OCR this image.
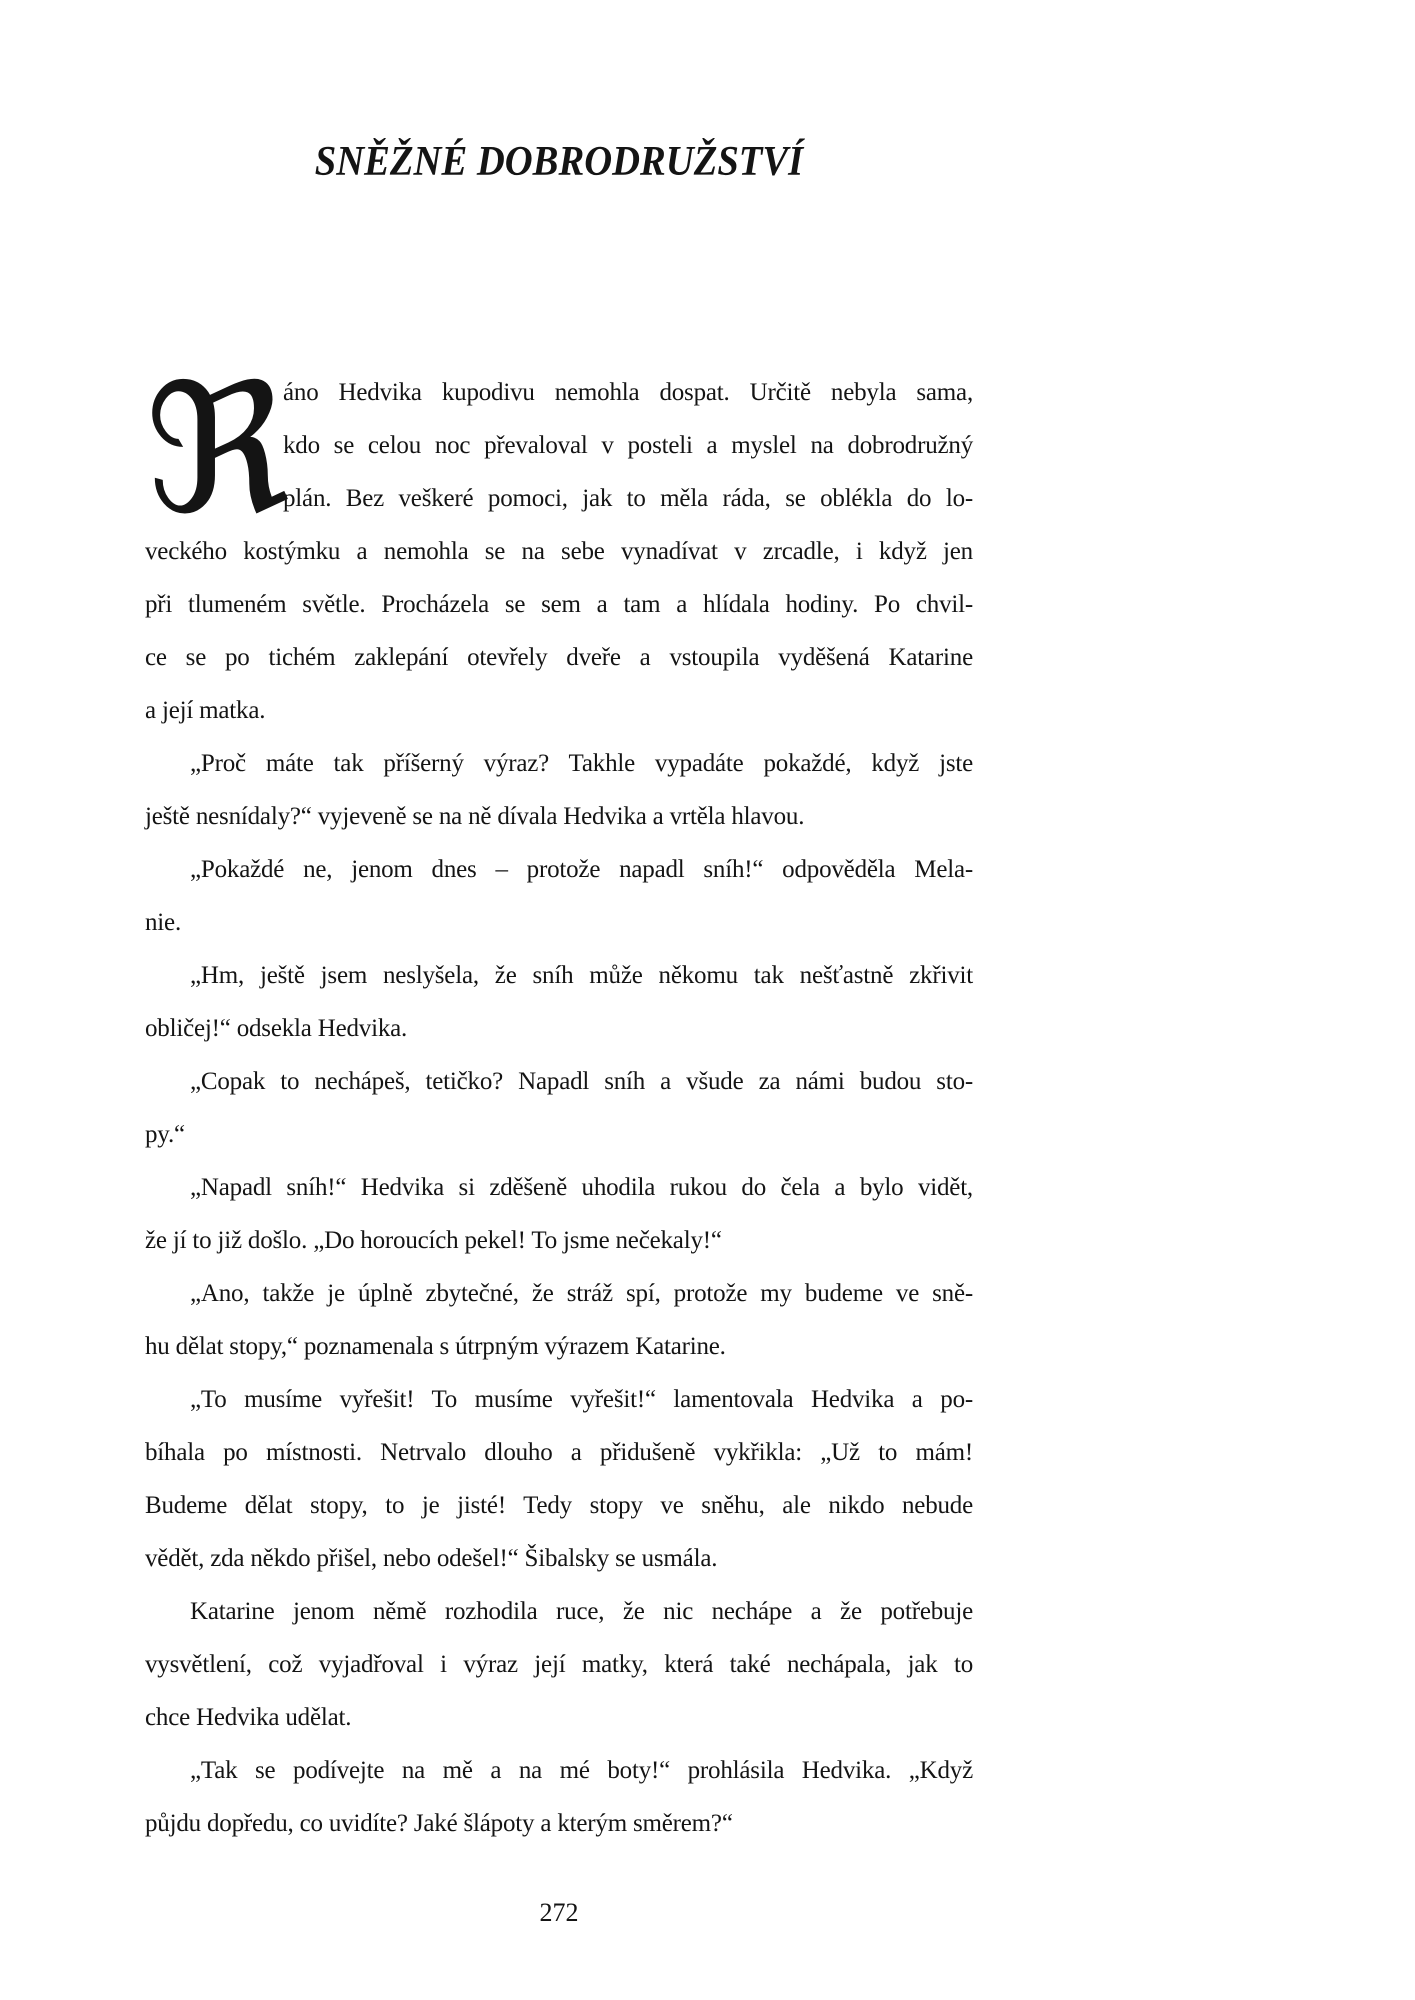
SNĚŽNÉ DOBRODRUŽSTVÍ
ℜ
áno Hedvika kupodivu nemohla dospat. Určitě nebyla sama,
kdo se celou noc převaloval v posteli a myslel na dobrodružný
plán. Bez veškeré pomoci, jak to měla ráda, se oblékla do lo-
veckého kostýmku a nemohla se na sebe vynadívat v zrcadle, i když jen
při tlumeném světle. Procházela se sem a tam a hlídala hodiny. Po chvil-
ce se po tichém zaklepání otevřely dveře a vstoupila vyděšená Katarine
a její matka.
„Proč máte tak příšerný výraz? Takhle vypadáte pokaždé, když jste
ještě nesnídaly?“ vyjeveně se na ně dívala Hedvika a vrtěla hlavou.
„Pokaždé ne, jenom dnes – protože napadl sníh!“ odpověděla Mela-
nie.
„Hm, ještě jsem neslyšela, že sníh může někomu tak nešťastně zkřivit
obličej!“ odsekla Hedvika.
„Copak to nechápeš, tetičko? Napadl sníh a všude za námi budou sto-
py.“
„Napadl sníh!“ Hedvika si zděšeně uhodila rukou do čela a bylo vidět,
že jí to již došlo. „Do horoucích pekel! To jsme nečekaly!“
„Ano, takže je úplně zbytečné, že stráž spí, protože my budeme ve sně-
hu dělat stopy,“ poznamenala s útrpným výrazem Katarine.
„To musíme vyřešit! To musíme vyřešit!“ lamentovala Hedvika a po-
bíhala po místnosti. Netrvalo dlouho a přidušeně vykřikla: „Už to mám!
Budeme dělat stopy, to je jisté! Tedy stopy ve sněhu, ale nikdo nebude
vědět, zda někdo přišel, nebo odešel!“ Šibalsky se usmála.
Katarine jenom němě rozhodila ruce, že nic nechápe a že potřebuje
vysvětlení, což vyjadřoval i výraz její matky, která také nechápala, jak to
chce Hedvika udělat.
„Tak se podívejte na mě a na mé boty!“ prohlásila Hedvika. „Když
půjdu dopředu, co uvidíte? Jaké šlápoty a kterým směrem?“
272
